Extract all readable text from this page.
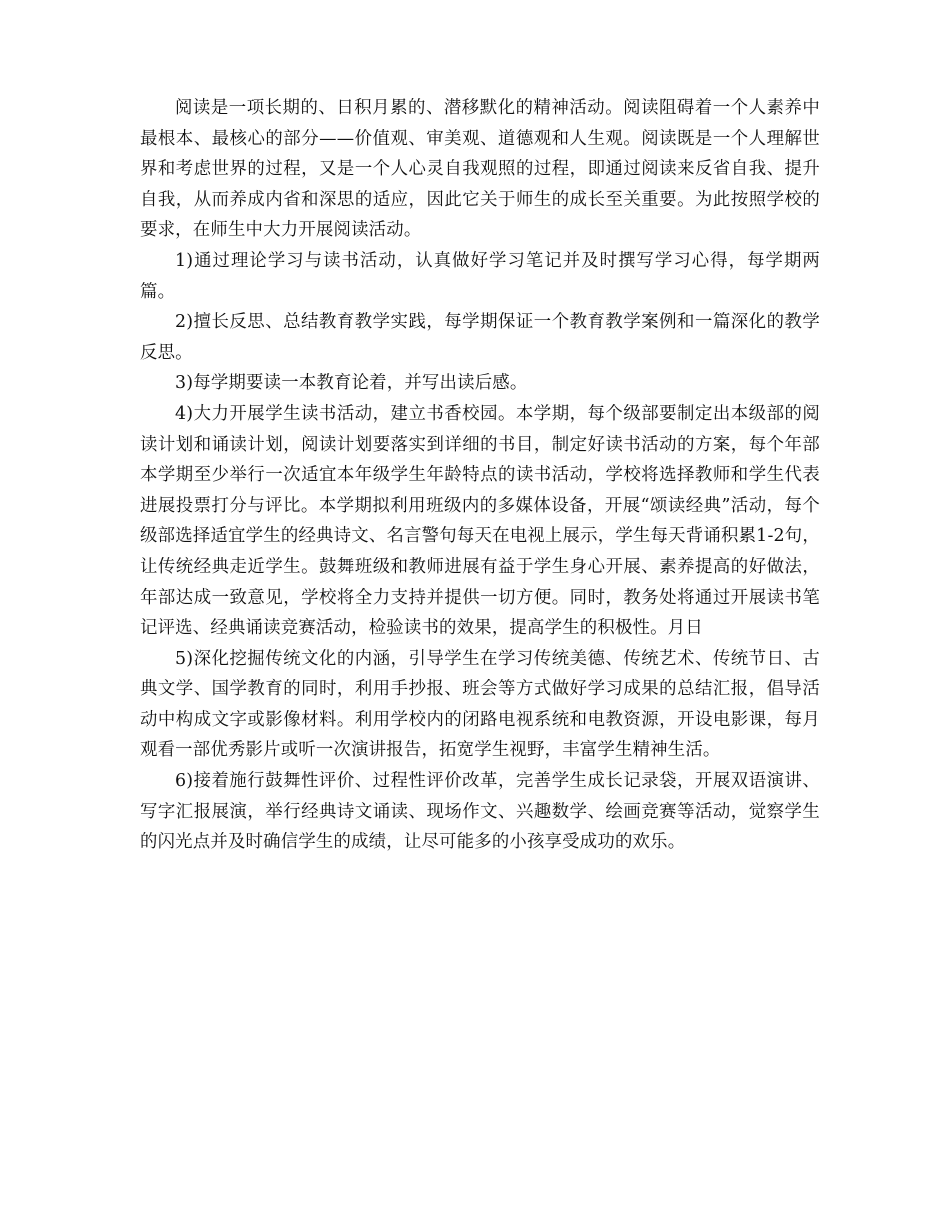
阅读是一项长期的、日积月累的、潜移默化的精神活动。阅读阻碍着一个人素养中最根本、最核心的部分——价值观、审美观、道德观和人生观。阅读既是一个人理解世界和考虑世界的过程，又是一个人心灵自我观照的过程，即通过阅读来反省自我、提升自我，从而养成内省和深思的适应，因此它关于师生的成长至关重要。为此按照学校的要求，在师生中大力开展阅读活动。

1)通过理论学习与读书活动，认真做好学习笔记并及时撰写学习心得，每学期两篇。

2)擅长反思、总结教育教学实践，每学期保证一个教育教学案例和一篇深化的教学反思。

3)每学期要读一本教育论着，并写出读后感。

4)大力开展学生读书活动，建立书香校园。本学期，每个级部要制定出本级部的阅读计划和诵读计划，阅读计划要落实到详细的书目，制定好读书活动的方案，每个年部本学期至少举行一次适宜本年级学生年龄特点的读书活动，学校将选择教师和学生代表进展投票打分与评比。本学期拟利用班级内的多媒体设备，开展“颂读经典”活动，每个级部选择适宜学生的经典诗文、名言警句每天在电视上展示，学生每天背诵积累1-2句，让传统经典走近学生。鼓舞班级和教师进展有益于学生身心开展、素养提高的好做法，年部达成一致意见，学校将全力支持并提供一切方便。同时，教务处将通过开展读书笔记评选、经典诵读竞赛活动，检验读书的效果，提高学生的积极性。月日

5)深化挖掘传统文化的内涵，引导学生在学习传统美德、传统艺术、传统节日、古典文学、国学教育的同时，利用手抄报、班会等方式做好学习成果的总结汇报，倡导活动中构成文字或影像材料。利用学校内的闭路电视系统和电教资源，开设电影课，每月观看一部优秀影片或听一次演讲报告，拓宽学生视野，丰富学生精神生活。

6)接着施行鼓舞性评价、过程性评价改革，完善学生成长记录袋，开展双语演讲、写字汇报展演，举行经典诗文诵读、现场作文、兴趣数学、绘画竞赛等活动，觉察学生的闪光点并及时确信学生的成绩，让尽可能多的小孩享受成功的欢乐。
